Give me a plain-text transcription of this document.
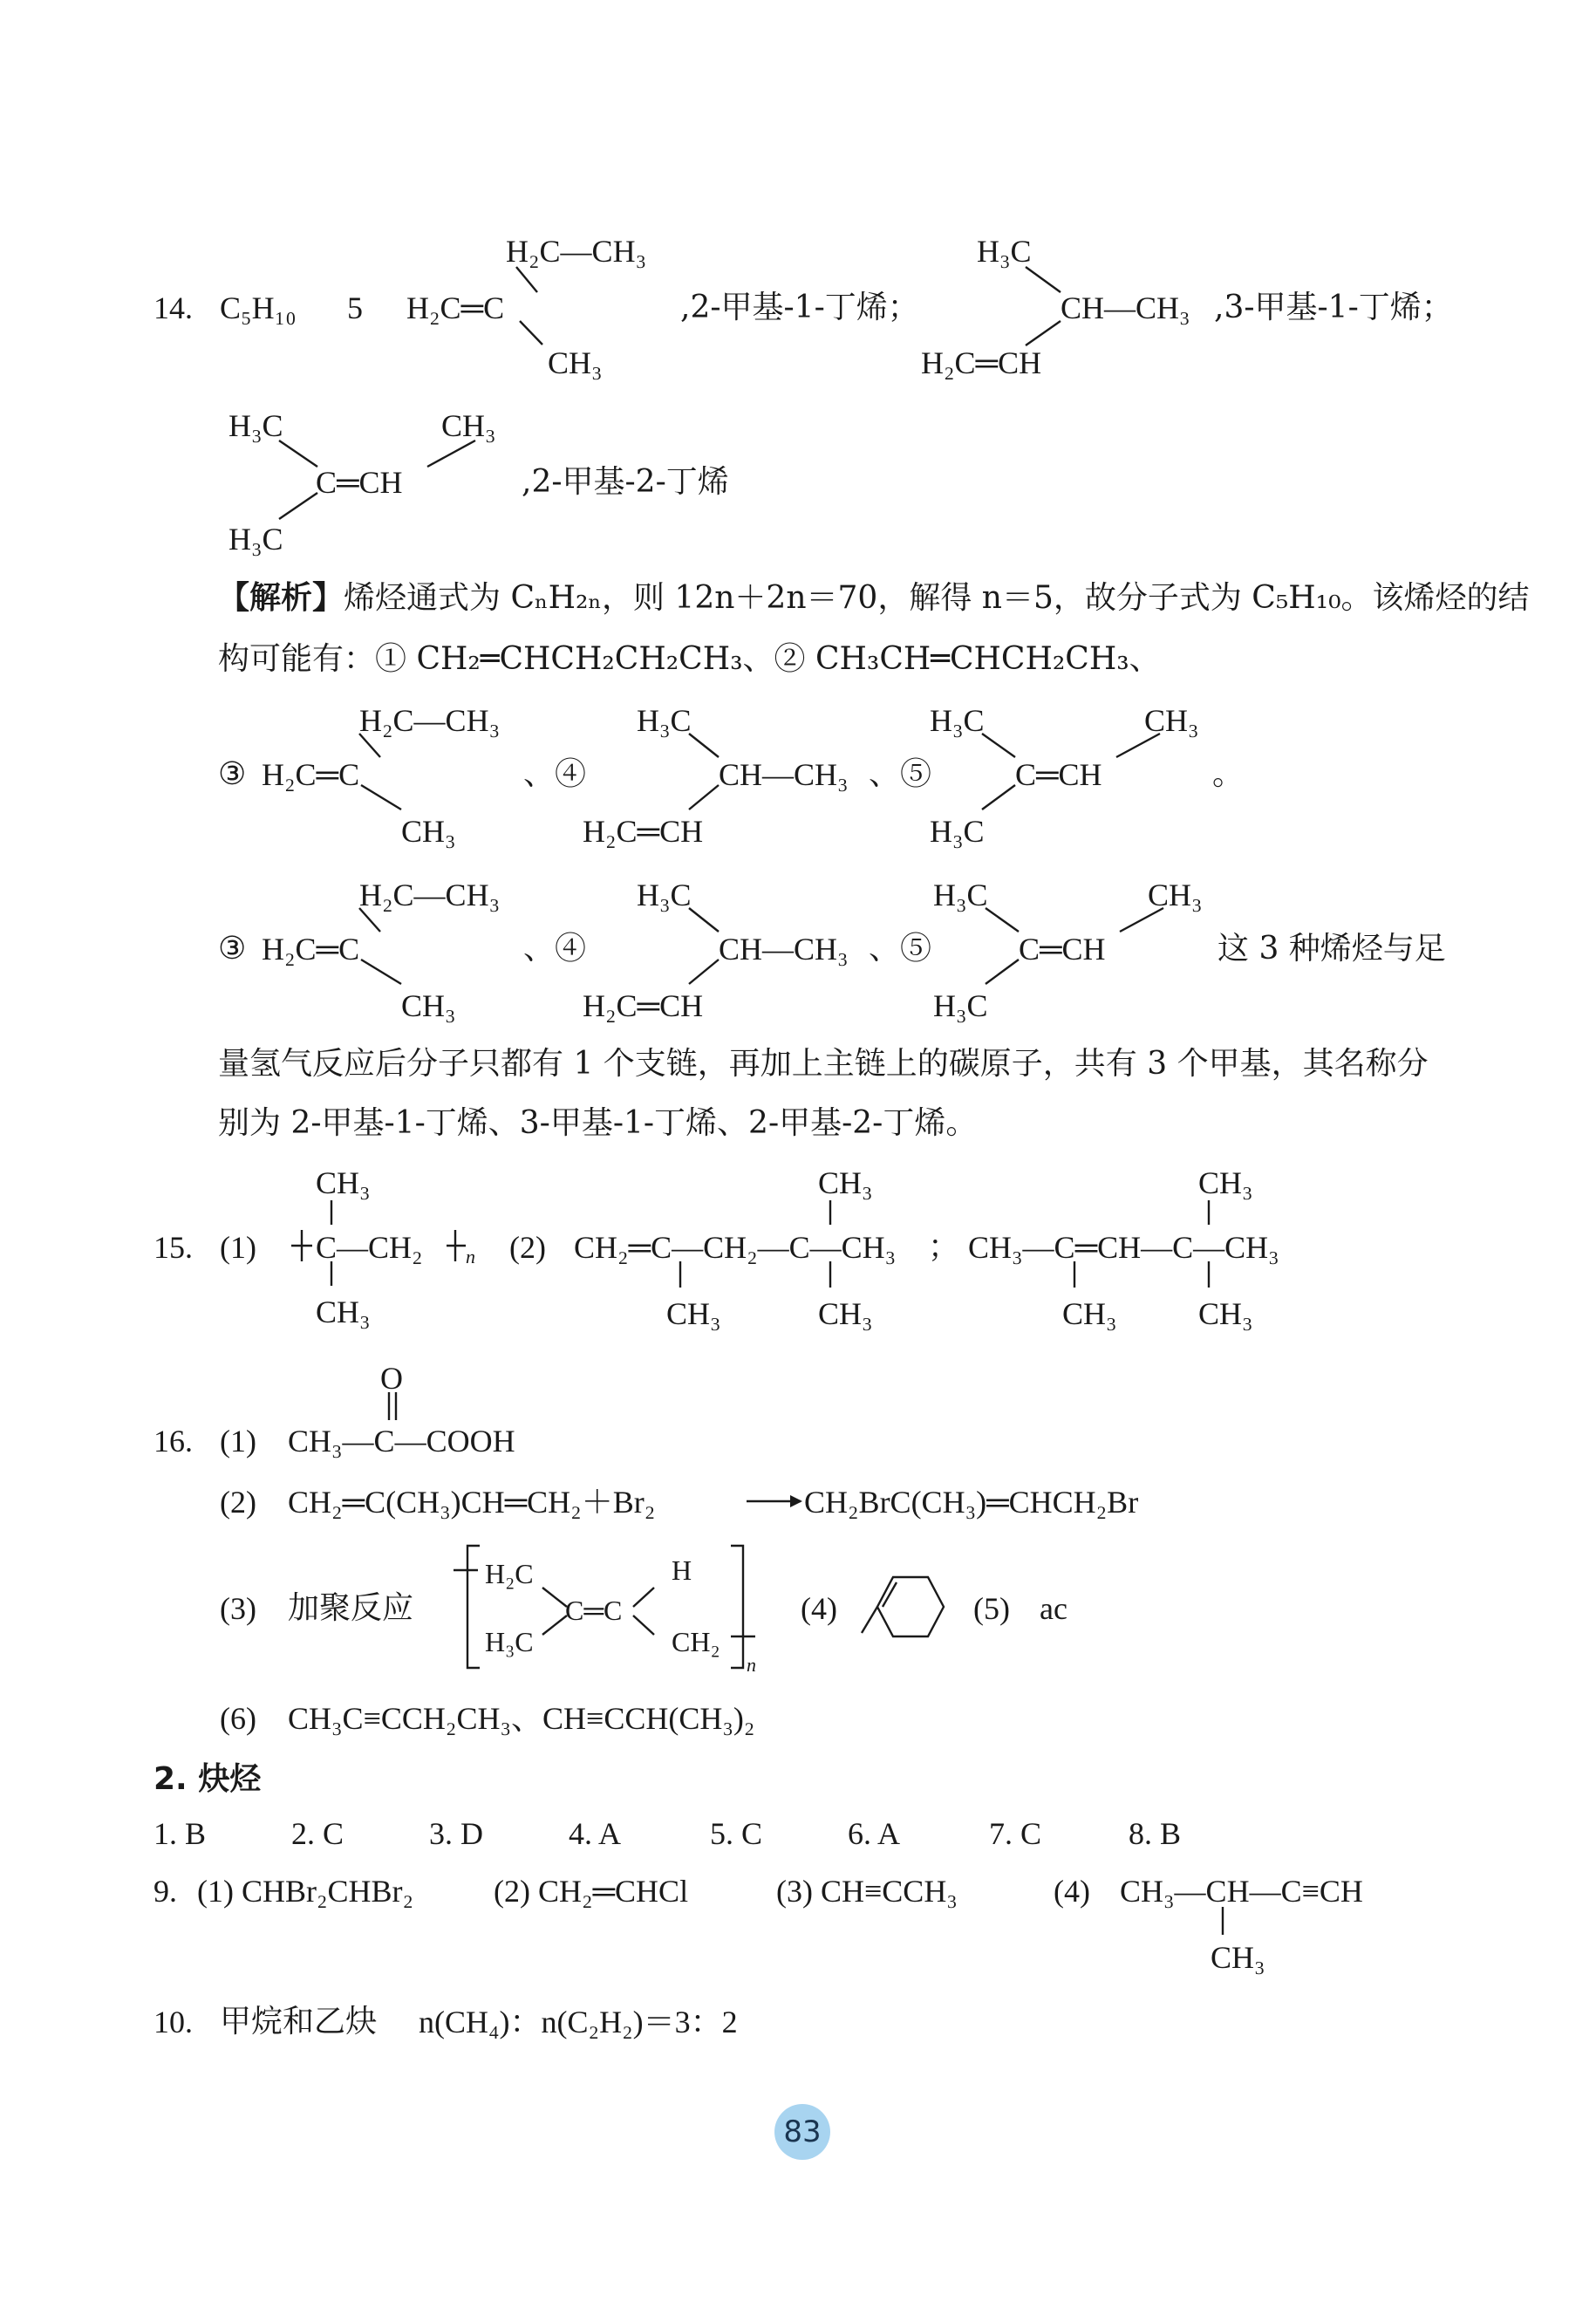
14. C₅H₁₀ 5
H₂C—CH₃
H₂C═C
CH₃
,2-甲基-1-丁烯；
H₃C
CH—CH₃
H₂C═CH
,3-甲基-1-丁烯；
H₃C	CH₃
C═CH
H₃C
,2-甲基-2-丁烯
【解析】烯烃通式为 CₙH₂ₙ，则 12n＋2n＝70，解得 n＝5，故分子式为 C₅H₁₀。该烯烃的结
构可能有：① CH₂═CHCH₂CH₂CH₃、② CH₃CH═CHCH₂CH₃、
③
H₂C—CH₃
H₂C═C
CH₃
、④
H₃C
CH—CH₃
H₂C═CH
、⑤
H₃C	CH₃
C═CH
H₃C
。
③
H₂C—CH₃
H₂C═C
CH₃
、④
H₃C
CH—CH₃
H₂C═CH
、⑤
H₃C	CH₃
C═CH
H₃C
这 3 种烯烃与足
量氢气反应后分子只都有 1 个支链，再加上主链上的碳原子，共有 3 个甲基，其名称分
别为 2-甲基-1-丁烯、3-甲基-1-丁烯、2-甲基-2-丁烯。
15. (1)
CH₃
C—CH₂
CH₃
n (2) CH₂═C—CH₂—C—CH₃
CH₃
CH₃	CH₃
； CH₃—C═CH—C—CH₃
CH₃
CH₃	CH₃
16. (1)
O
CH₃—C—COOH
(2) CH₂═C(CH₃)CH═CH₂＋Br₂	CH₂BrC(CH₃)═CHCH₂Br
(3) 加聚反应
H₂C	H
C═C
H₃C	CH₂
n
(4)	(5) ac
(6) CH₃C≡CCH₂CH₃、CH≡CCH(CH₃)₂
2. 炔烃
1. B	2. C	3. D	4. A	5. C	6. A	7. C	8. B
9. (1) CHBr₂CHBr₂	(2) CH₂═CHCl	(3) CH≡CCH₃	(4) CH₃—CH—C≡CH
CH₃
10. 甲烷和乙炔 n(CH₄)：n(C₂H₂)＝3：2
83
